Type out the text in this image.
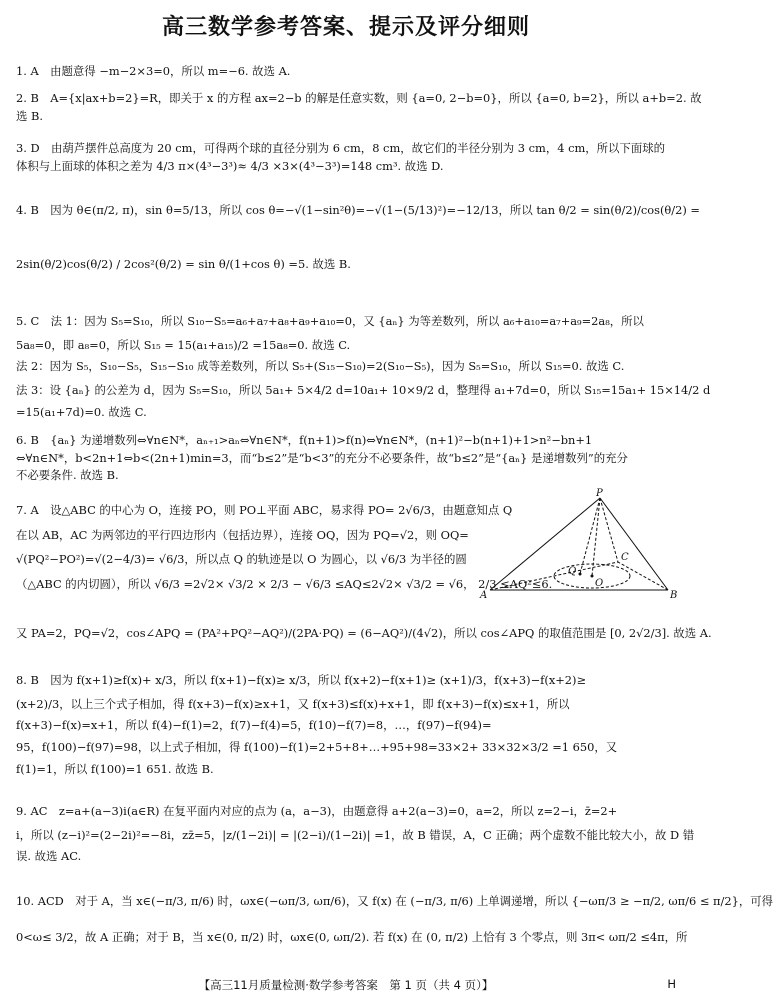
高三数学参考答案、提示及评分细则
1. A　由题意得 −m−2×3=0，所以 m=−6. 故选 A.
2. B　A={x|ax+b=2}=R，即关于 x 的方程 ax=2−b 的解是任意实数，则 {a=0, 2−b=0}，所以 {a=0, b=2}，所以 a+b=2. 故
选 B.
3. D　由葫芦摆件总高度为 20 cm，可得两个球的直径分别为 6 cm，8 cm，故它们的半径分别为 3 cm，4 cm，所以下面球的
体积与上面球的体积之差为 4/3 π×(4³−3³)≈ 4/3 ×3×(4³−3³)=148 cm³. 故选 D.
4. B　因为 θ∈(π/2, π)，sin θ=5/13，所以 cos θ=−√(1−sin²θ)=−√(1−(5/13)²)=−12/13，所以 tan θ/2 = sin(θ/2)/cos(θ/2) =
2sin(θ/2)cos(θ/2) / 2cos²(θ/2) = sin θ/(1+cos θ) =5. 故选 B.
5. C　法 1：因为 S₅=S₁₀，所以 S₁₀−S₅=a₆+a₇+a₈+a₉+a₁₀=0，又 {aₙ} 为等差数列，所以 a₆+a₁₀=a₇+a₉=2a₈，所以
5a₈=0，即 a₈=0，所以 S₁₅ = 15(a₁+a₁₅)/2 =15a₈=0. 故选 C.
法 2：因为 S₅，S₁₀−S₅，S₁₅−S₁₀ 成等差数列，所以 S₅+(S₁₅−S₁₀)=2(S₁₀−S₅)，因为 S₅=S₁₀，所以 S₁₅=0. 故选 C.
法 3：设 {aₙ} 的公差为 d，因为 S₅=S₁₀，所以 5a₁+ 5×4/2 d=10a₁+ 10×9/2 d，整理得 a₁+7d=0，所以 S₁₅=15a₁+ 15×14/2 d
=15(a₁+7d)=0. 故选 C.
6. B　{aₙ} 为递增数列⇔∀n∈N*，aₙ₊₁>aₙ⇔∀n∈N*，f(n+1)>f(n)⇔∀n∈N*，(n+1)²−b(n+1)+1>n²−bn+1
⇔∀n∈N*，b<2n+1⇔b<(2n+1)min=3，而“b≤2”是“b<3”的充分不必要条件，故“b≤2”是“{aₙ} 是递增数列”的充分
不必要条件. 故选 B.
7. A　设△ABC 的中心为 O，连接 PO，则 PO⊥平面 ABC，易求得 PO= 2√6/3，由题意知点 Q
在以 AB，AC 为两邻边的平行四边形内（包括边界），连接 OQ，因为 PQ=√2，则 OQ=
√(PQ²−PO²)=√(2−4/3)= √6/3，所以点 Q 的轨迹是以 O 为圆心，以 √6/3 为半径的圆
（△ABC 的内切圆），所以 √6/3 =2√2× √3/2 × 2/3 − √6/3 ≤AQ≤2√2× √3/2 = √6， 2/3 ≤AQ²≤6.
P
A	B
C
Q
O
又 PA=2，PQ=√2，cos∠APQ = (PA²+PQ²−AQ²)/(2PA·PQ) = (6−AQ²)/(4√2)，所以 cos∠APQ 的取值范围是 [0, 2√2/3]. 故选 A.
8. B　因为 f(x+1)≥f(x)+ x/3，所以 f(x+1)−f(x)≥ x/3，所以 f(x+2)−f(x+1)≥ (x+1)/3，f(x+3)−f(x+2)≥
(x+2)/3，以上三个式子相加，得 f(x+3)−f(x)≥x+1，又 f(x+3)≤f(x)+x+1，即 f(x+3)−f(x)≤x+1，所以
f(x+3)−f(x)=x+1，所以 f(4)−f(1)=2，f(7)−f(4)=5，f(10)−f(7)=8，…，f(97)−f(94)=
95，f(100)−f(97)=98，以上式子相加，得 f(100)−f(1)=2+5+8+…+95+98=33×2+ 33×32×3/2 =1 650，又
f(1)=1，所以 f(100)=1 651. 故选 B.
9. AC　z=a+(a−3)i(a∈R) 在复平面内对应的点为 (a，a−3)，由题意得 a+2(a−3)=0，a=2，所以 z=2−i，z̄=2+
i，所以 (z−i)²=(2−2i)²=−8i，zz̄=5，|z/(1−2i)| = |(2−i)/(1−2i)| =1，故 B 错误，A，C 正确；两个虚数不能比较大小，故 D 错
误. 故选 AC.
10. ACD　对于 A，当 x∈(−π/3, π/6) 时，ωx∈(−ωπ/3, ωπ/6)，又 f(x) 在 (−π/3, π/6) 上单调递增，所以 {−ωπ/3 ≥ −π/2, ωπ/6 ≤ π/2}，可得
0<ω≤ 3/2，故 A 正确；对于 B，当 x∈(0, π/2) 时，ωx∈(0, ωπ/2). 若 f(x) 在 (0, π/2) 上恰有 3 个零点，则 3π< ωπ/2 ≤4π，所
【高三11月质量检测·数学参考答案　第 1 页（共 4 页）】	H
